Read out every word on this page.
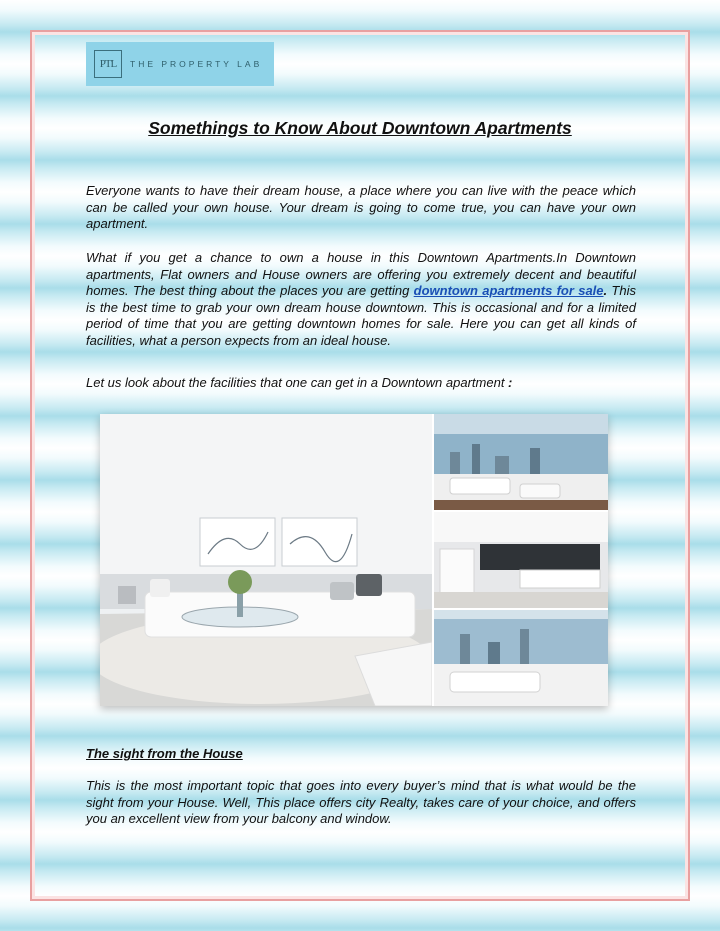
PTL	THE PROPERTY LAB
Somethings to Know About Downtown Apartments

Everyone wants to have their dream house, a place where you can live with the peace which can be called your own house. Your dream is going to come true, you can have your own apartment.

What if you get a chance to own a house in this Downtown Apartments.In Downtown apartments, Flat owners and House owners are offering you extremely decent and beautiful homes. The best thing about the places you are getting downtown apartments for sale. This is the best time to grab your own dream house downtown. This is occasional and for a limited period of time that you are getting downtown homes for sale. Here you can get all kinds of facilities, what a person expects from an ideal house.

Let us look about the facilities that one can get in a Downtown apartment :

The sight from the House

This is the most important topic that goes into every buyer’s mind that is what would be the sight from your House. Well, This place offers city Realty, takes care of your choice, and offers you an excellent view from your balcony and window.
